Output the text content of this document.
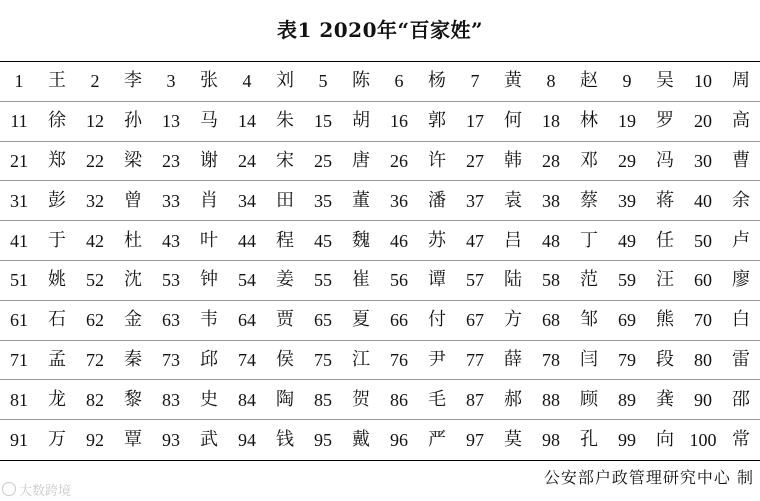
表1 2020年“百家姓”
1	王	2	李	3	张	4	刘	5	陈	6	杨	7	黄	8	赵	9	吴	10	周
11	徐	12	孙	13	马	14	朱	15	胡	16	郭	17	何	18	林	19	罗	20	高
21	郑	22	梁	23	谢	24	宋	25	唐	26	许	27	韩	28	邓	29	冯	30	曹
31	彭	32	曾	33	肖	34	田	35	董	36	潘	37	袁	38	蔡	39	蒋	40	余
41	于	42	杜	43	叶	44	程	45	魏	46	苏	47	吕	48	丁	49	任	50	卢
51	姚	52	沈	53	钟	54	姜	55	崔	56	谭	57	陆	58	范	59	汪	60	廖
61	石	62	金	63	韦	64	贾	65	夏	66	付	67	方	68	邹	69	熊	70	白
71	孟	72	秦	73	邱	74	侯	75	江	76	尹	77	薛	78	闫	79	段	80	雷
81	龙	82	黎	83	史	84	陶	85	贺	86	毛	87	郝	88	顾	89	龚	90	邵
91	万	92	覃	93	武	94	钱	95	戴	96	严	97	莫	98	孔	99	向 100 常
公安部户政管理研究中心 制
大数跨境
